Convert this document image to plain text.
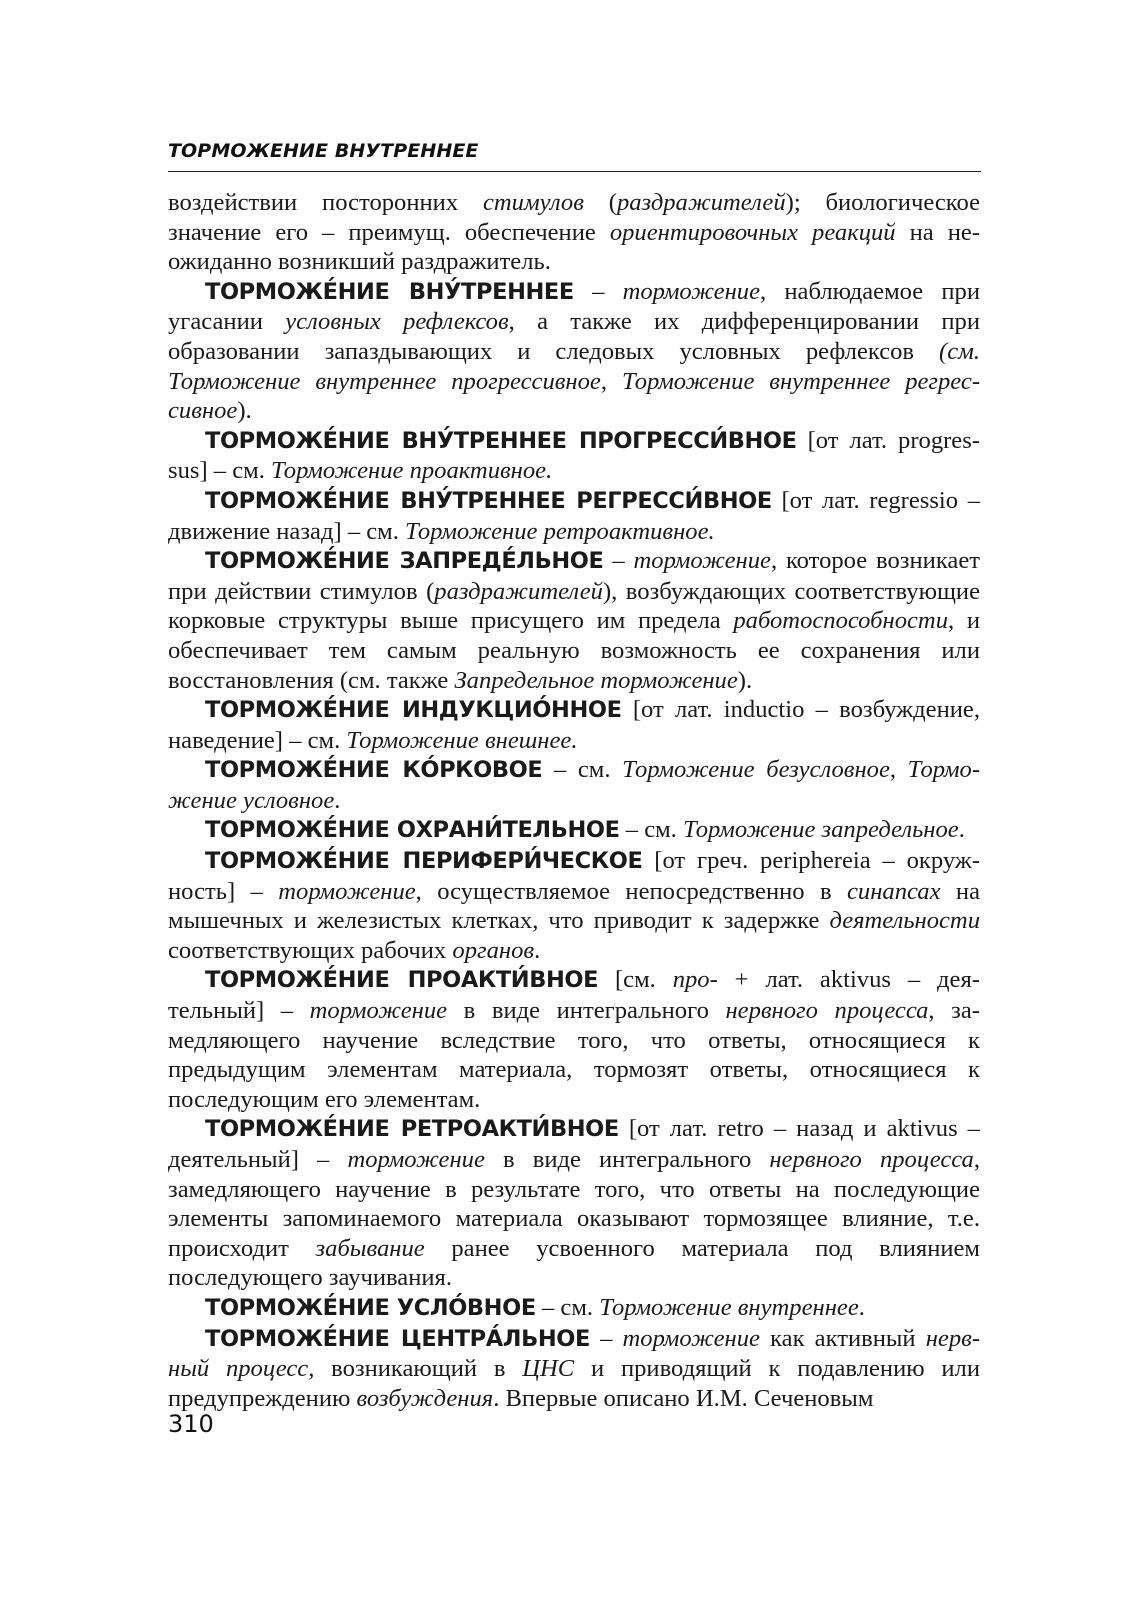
ТОРМОЖЕНИЕ ВНУТРЕННЕЕ

воздействии посторонних стимулов (раздражителей); биологическое значение его – преимущ. обеспечение ориентировочных реакций на неожиданно возникший раздражитель.

ТОРМОЖЕ́НИЕ ВНУ́ТРЕННЕЕ – торможение, наблюдаемое при угасании условных рефлексов, а также их дифференцировании при образовании запаздывающих и следовых условных рефлексов (см. Торможение внутреннее прогрессивное, Торможение внутреннее регрессивное).

ТОРМОЖЕ́НИЕ ВНУ́ТРЕННЕЕ ПРОГРЕССИ́ВНОЕ [от лат. progressus] – см. Торможение проактивное.

ТОРМОЖЕ́НИЕ ВНУ́ТРЕННЕЕ РЕГРЕССИ́ВНОЕ [от лат. regressio – движение назад] – см. Торможение ретроактивное.

ТОРМОЖЕ́НИЕ ЗАПРЕДЕ́ЛЬНОЕ – торможение, которое возникает при действии стимулов (раздражителей), возбуждающих соответствующие корковые структуры выше присущего им предела работоспособности, и обеспечивает тем самым реальную возможность ее сохранения или восстановления (см. также Запредельное торможение).

ТОРМОЖЕ́НИЕ ИНДУКЦИО́ННОЕ [от лат. inductio – возбуждение, наведение] – см. Торможение внешнее.

ТОРМОЖЕ́НИЕ КО́РКОВОЕ – см. Торможение безусловное, Торможение условное.

ТОРМОЖЕ́НИЕ ОХРАНИ́ТЕЛЬНОЕ – см. Торможение запредельное.

ТОРМОЖЕ́НИЕ ПЕРИФЕРИ́ЧЕСКОЕ [от греч. periphereia – окружность] – торможение, осуществляемое непосредственно в синапсах на мышечных и железистых клетках, что приводит к задержке деятельности соответствующих рабочих органов.

ТОРМОЖЕ́НИЕ ПРОАКТИ́ВНОЕ [см. про- + лат. aktivus – деятельный] – торможение в виде интегрального нервного процесса, замедляющего научение вследствие того, что ответы, относящиеся к предыдущим элементам материала, тормозят ответы, относящиеся к последующим его элементам.

ТОРМОЖЕ́НИЕ РЕТРОАКТИ́ВНОЕ [от лат. retro – назад и aktivus – деятельный] – торможение в виде интегрального нервного процесса, замедляющего научение в результате того, что ответы на последующие элементы запоминаемого материала оказывают тормозящее влияние, т.е. происходит забывание ранее усвоенного материала под влиянием последующего заучивания.

ТОРМОЖЕ́НИЕ УСЛО́ВНОЕ – см. Торможение внутреннее.

ТОРМОЖЕ́НИЕ ЦЕНТРА́ЛЬНОЕ – торможение как активный нервный процесс, возникающий в ЦНС и приводящий к подавлению или предупреждению возбуждения. Впервые описано И.М. Сеченовым

310
